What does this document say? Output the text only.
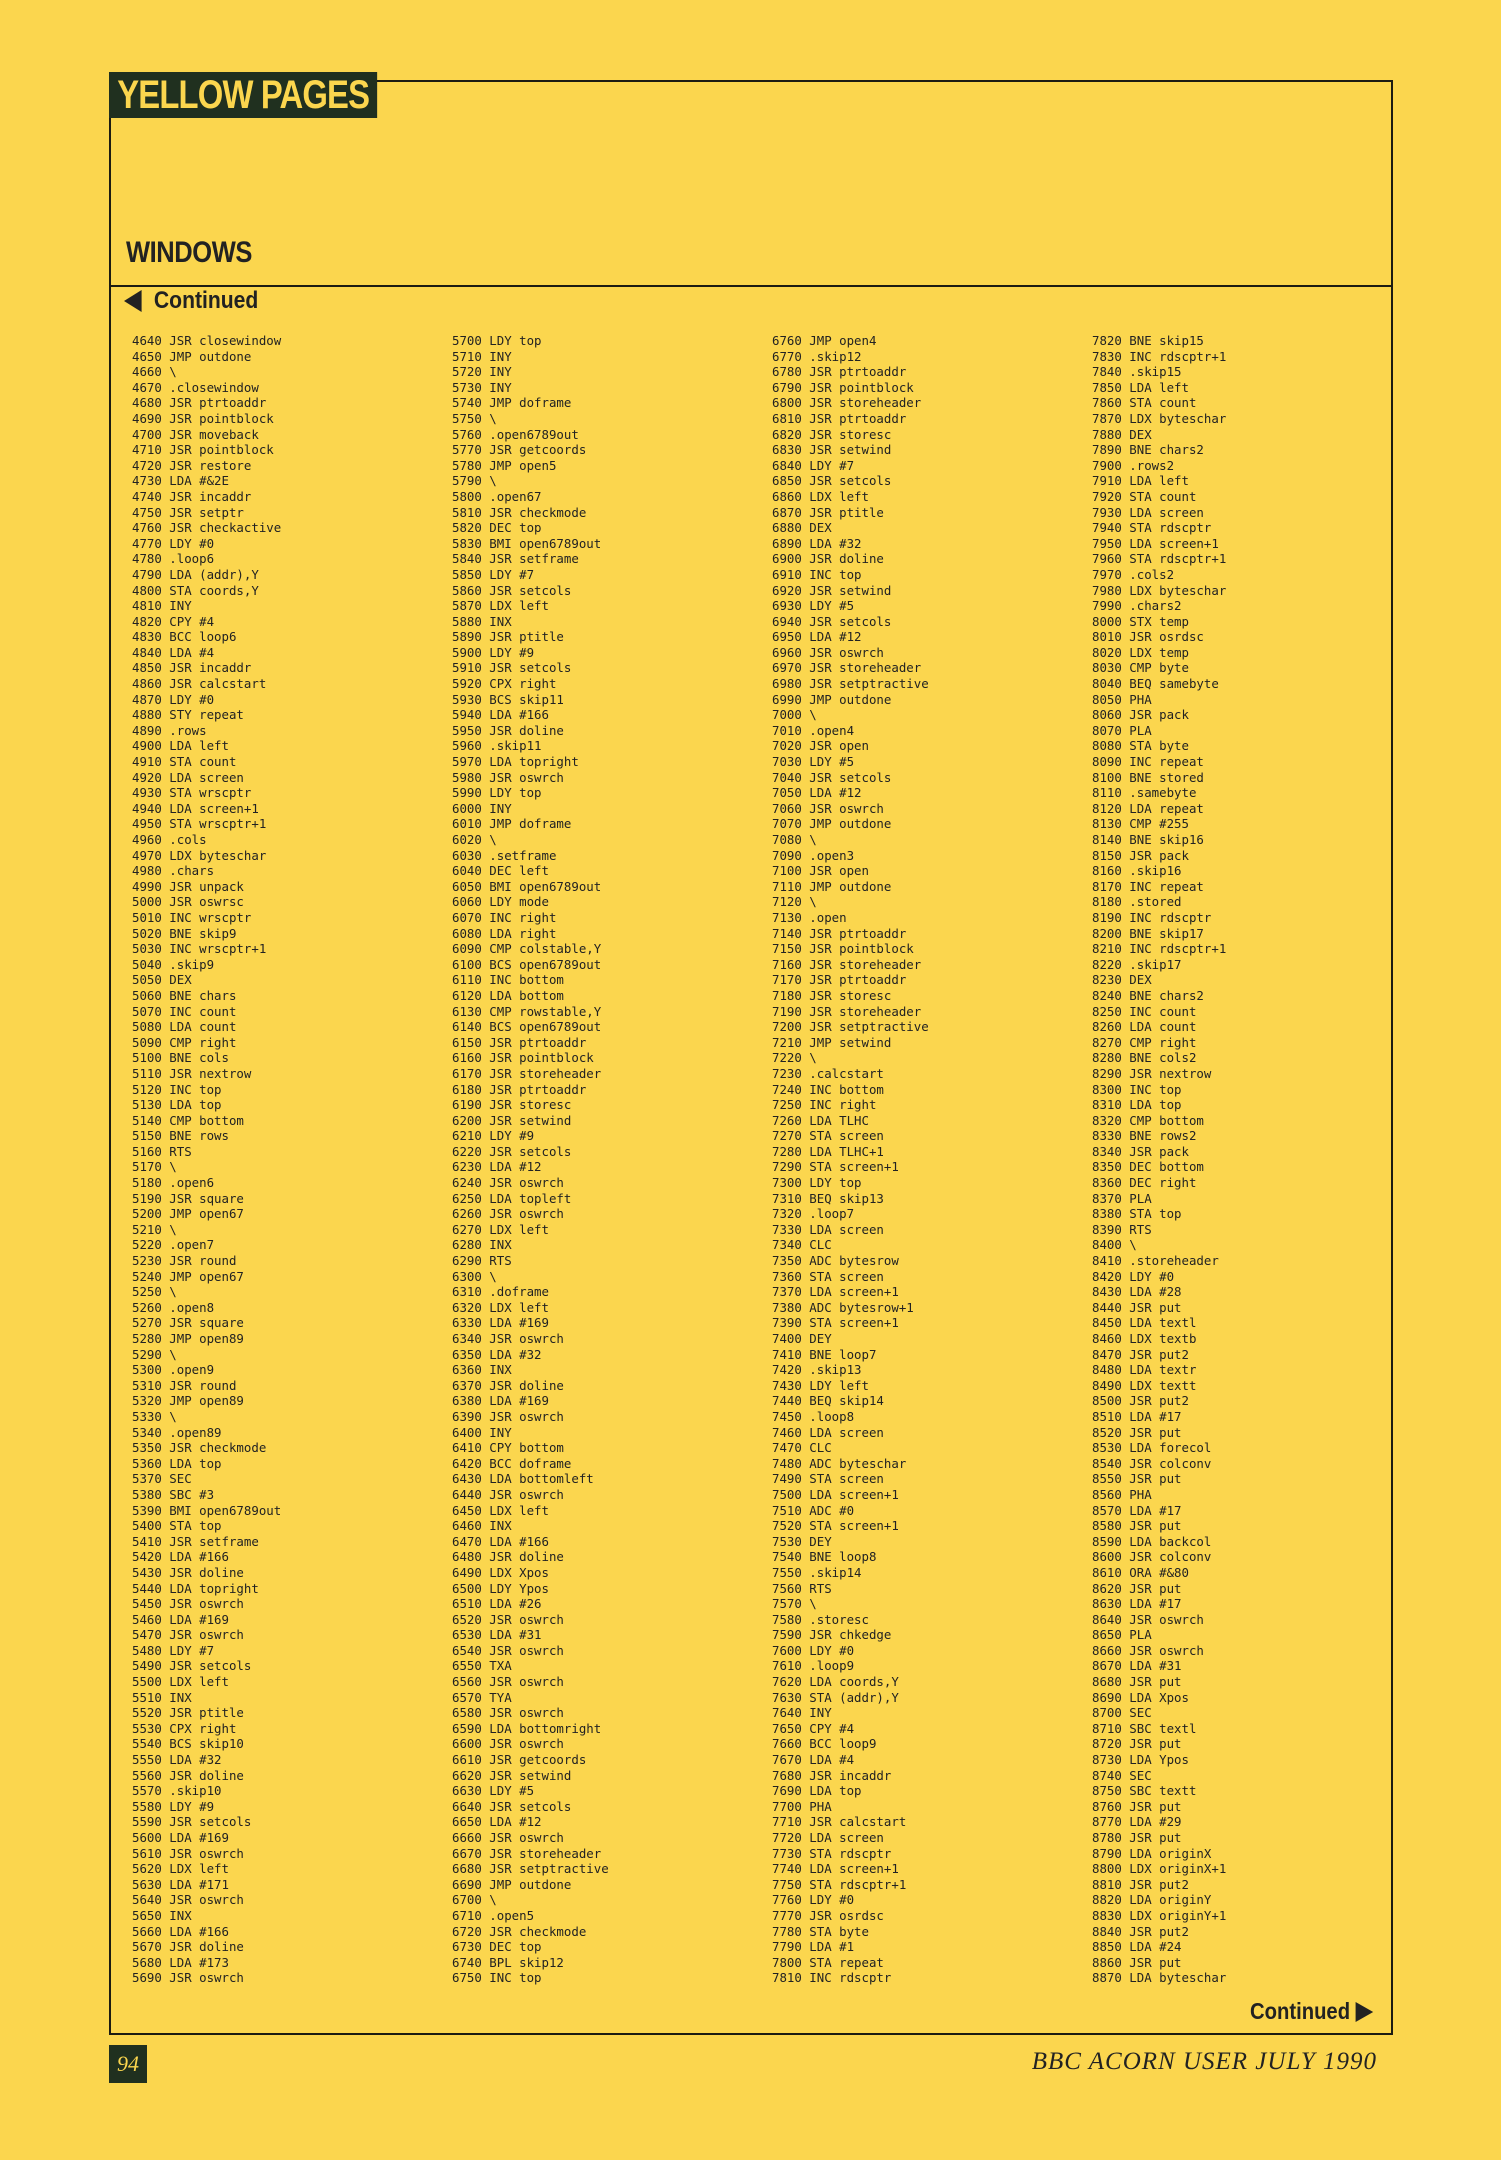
YELLOW PAGES
WINDOWS
Continued
4640 JSR closewindow
4650 JMP outdone
4660 \
4670 .closewindow
4680 JSR ptrtoaddr
4690 JSR pointblock
4700 JSR moveback
4710 JSR pointblock
4720 JSR restore
4730 LDA #&2E
4740 JSR incaddr
4750 JSR setptr
4760 JSR checkactive
4770 LDY #0
4780 .loop6
4790 LDA (addr),Y
4800 STA coords,Y
4810 INY
4820 CPY #4
4830 BCC loop6
4840 LDA #4
4850 JSR incaddr
4860 JSR calcstart
4870 LDY #0
4880 STY repeat
4890 .rows
4900 LDA left
4910 STA count
4920 LDA screen
4930 STA wrscptr
4940 LDA screen+1
4950 STA wrscptr+1
4960 .cols
4970 LDX byteschar
4980 .chars
4990 JSR unpack
5000 JSR oswrsc
5010 INC wrscptr
5020 BNE skip9
5030 INC wrscptr+1
5040 .skip9
5050 DEX
5060 BNE chars
5070 INC count
5080 LDA count
5090 CMP right
5100 BNE cols
5110 JSR nextrow
5120 INC top
5130 LDA top
5140 CMP bottom
5150 BNE rows
5160 RTS
5170 \
5180 .open6
5190 JSR square
5200 JMP open67
5210 \
5220 .open7
5230 JSR round
5240 JMP open67
5250 \
5260 .open8
5270 JSR square
5280 JMP open89
5290 \
5300 .open9
5310 JSR round
5320 JMP open89
5330 \
5340 .open89
5350 JSR checkmode
5360 LDA top
5370 SEC
5380 SBC #3
5390 BMI open6789out
5400 STA top
5410 JSR setframe
5420 LDA #166
5430 JSR doline
5440 LDA topright
5450 JSR oswrch
5460 LDA #169
5470 JSR oswrch
5480 LDY #7
5490 JSR setcols
5500 LDX left
5510 INX
5520 JSR ptitle
5530 CPX right
5540 BCS skip10
5550 LDA #32
5560 JSR doline
5570 .skip10
5580 LDY #9
5590 JSR setcols
5600 LDA #169
5610 JSR oswrch
5620 LDX left
5630 LDA #171
5640 JSR oswrch
5650 INX
5660 LDA #166
5670 JSR doline
5680 LDA #173
5690 JSR oswrch
5700 LDY top
5710 INY
5720 INY
5730 INY
5740 JMP doframe
5750 \
5760 .open6789out
5770 JSR getcoords
5780 JMP open5
5790 \
5800 .open67
5810 JSR checkmode
5820 DEC top
5830 BMI open6789out
5840 JSR setframe
5850 LDY #7
5860 JSR setcols
5870 LDX left
5880 INX
5890 JSR ptitle
5900 LDY #9
5910 JSR setcols
5920 CPX right
5930 BCS skip11
5940 LDA #166
5950 JSR doline
5960 .skip11
5970 LDA topright
5980 JSR oswrch
5990 LDY top
6000 INY
6010 JMP doframe
6020 \
6030 .setframe
6040 DEC left
6050 BMI open6789out
6060 LDY mode
6070 INC right
6080 LDA right
6090 CMP colstable,Y
6100 BCS open6789out
6110 INC bottom
6120 LDA bottom
6130 CMP rowstable,Y
6140 BCS open6789out
6150 JSR ptrtoaddr
6160 JSR pointblock
6170 JSR storeheader
6180 JSR ptrtoaddr
6190 JSR storesc
6200 JSR setwind
6210 LDY #9
6220 JSR setcols
6230 LDA #12
6240 JSR oswrch
6250 LDA topleft
6260 JSR oswrch
6270 LDX left
6280 INX
6290 RTS
6300 \
6310 .doframe
6320 LDX left
6330 LDA #169
6340 JSR oswrch
6350 LDA #32
6360 INX
6370 JSR doline
6380 LDA #169
6390 JSR oswrch
6400 INY
6410 CPY bottom
6420 BCC doframe
6430 LDA bottomleft
6440 JSR oswrch
6450 LDX left
6460 INX
6470 LDA #166
6480 JSR doline
6490 LDX Xpos
6500 LDY Ypos
6510 LDA #26
6520 JSR oswrch
6530 LDA #31
6540 JSR oswrch
6550 TXA
6560 JSR oswrch
6570 TYA
6580 JSR oswrch
6590 LDA bottomright
6600 JSR oswrch
6610 JSR getcoords
6620 JSR setwind
6630 LDY #5
6640 JSR setcols
6650 LDA #12
6660 JSR oswrch
6670 JSR storeheader
6680 JSR setptractive
6690 JMP outdone
6700 \
6710 .open5
6720 JSR checkmode
6730 DEC top
6740 BPL skip12
6750 INC top
6760 JMP open4
6770 .skip12
6780 JSR ptrtoaddr
6790 JSR pointblock
6800 JSR storeheader
6810 JSR ptrtoaddr
6820 JSR storesc
6830 JSR setwind
6840 LDY #7
6850 JSR setcols
6860 LDX left
6870 JSR ptitle
6880 DEX
6890 LDA #32
6900 JSR doline
6910 INC top
6920 JSR setwind
6930 LDY #5
6940 JSR setcols
6950 LDA #12
6960 JSR oswrch
6970 JSR storeheader
6980 JSR setptractive
6990 JMP outdone
7000 \
7010 .open4
7020 JSR open
7030 LDY #5
7040 JSR setcols
7050 LDA #12
7060 JSR oswrch
7070 JMP outdone
7080 \
7090 .open3
7100 JSR open
7110 JMP outdone
7120 \
7130 .open
7140 JSR ptrtoaddr
7150 JSR pointblock
7160 JSR storeheader
7170 JSR ptrtoaddr
7180 JSR storesc
7190 JSR storeheader
7200 JSR setptractive
7210 JMP setwind
7220 \
7230 .calcstart
7240 INC bottom
7250 INC right
7260 LDA TLHC
7270 STA screen
7280 LDA TLHC+1
7290 STA screen+1
7300 LDY top
7310 BEQ skip13
7320 .loop7
7330 LDA screen
7340 CLC
7350 ADC bytesrow
7360 STA screen
7370 LDA screen+1
7380 ADC bytesrow+1
7390 STA screen+1
7400 DEY
7410 BNE loop7
7420 .skip13
7430 LDY left
7440 BEQ skip14
7450 .loop8
7460 LDA screen
7470 CLC
7480 ADC byteschar
7490 STA screen
7500 LDA screen+1
7510 ADC #0
7520 STA screen+1
7530 DEY
7540 BNE loop8
7550 .skip14
7560 RTS
7570 \
7580 .storesc
7590 JSR chkedge
7600 LDY #0
7610 .loop9
7620 LDA coords,Y
7630 STA (addr),Y
7640 INY
7650 CPY #4
7660 BCC loop9
7670 LDA #4
7680 JSR incaddr
7690 LDA top
7700 PHA
7710 JSR calcstart
7720 LDA screen
7730 STA rdscptr
7740 LDA screen+1
7750 STA rdscptr+1
7760 LDY #0
7770 JSR osrdsc
7780 STA byte
7790 LDA #1
7800 STA repeat
7810 INC rdscptr
7820 BNE skip15
7830 INC rdscptr+1
7840 .skip15
7850 LDA left
7860 STA count
7870 LDX byteschar
7880 DEX
7890 BNE chars2
7900 .rows2
7910 LDA left
7920 STA count
7930 LDA screen
7940 STA rdscptr
7950 LDA screen+1
7960 STA rdscptr+1
7970 .cols2
7980 LDX byteschar
7990 .chars2
8000 STX temp
8010 JSR osrdsc
8020 LDX temp
8030 CMP byte
8040 BEQ samebyte
8050 PHA
8060 JSR pack
8070 PLA
8080 STA byte
8090 INC repeat
8100 BNE stored
8110 .samebyte
8120 LDA repeat
8130 CMP #255
8140 BNE skip16
8150 JSR pack
8160 .skip16
8170 INC repeat
8180 .stored
8190 INC rdscptr
8200 BNE skip17
8210 INC rdscptr+1
8220 .skip17
8230 DEX
8240 BNE chars2
8250 INC count
8260 LDA count
8270 CMP right
8280 BNE cols2
8290 JSR nextrow
8300 INC top
8310 LDA top
8320 CMP bottom
8330 BNE rows2
8340 JSR pack
8350 DEC bottom
8360 DEC right
8370 PLA
8380 STA top
8390 RTS
8400 \
8410 .storeheader
8420 LDY #0
8430 LDA #28
8440 JSR put
8450 LDA textl
8460 LDX textb
8470 JSR put2
8480 LDA textr
8490 LDX textt
8500 JSR put2
8510 LDA #17
8520 JSR put
8530 LDA forecol
8540 JSR colconv
8550 JSR put
8560 PHA
8570 LDA #17
8580 JSR put
8590 LDA backcol
8600 JSR colconv
8610 ORA #&80
8620 JSR put
8630 LDA #17
8640 JSR oswrch
8650 PLA
8660 JSR oswrch
8670 LDA #31
8680 JSR put
8690 LDA Xpos
8700 SEC
8710 SBC textl
8720 JSR put
8730 LDA Ypos
8740 SEC
8750 SBC textt
8760 JSR put
8770 LDA #29
8780 JSR put
8790 LDA originX
8800 LDX originX+1
8810 JSR put2
8820 LDA originY
8830 LDX originY+1
8840 JSR put2
8850 LDA #24
8860 JSR put
8870 LDA byteschar
Continued
94	BBC ACORN USER JULY 1990
